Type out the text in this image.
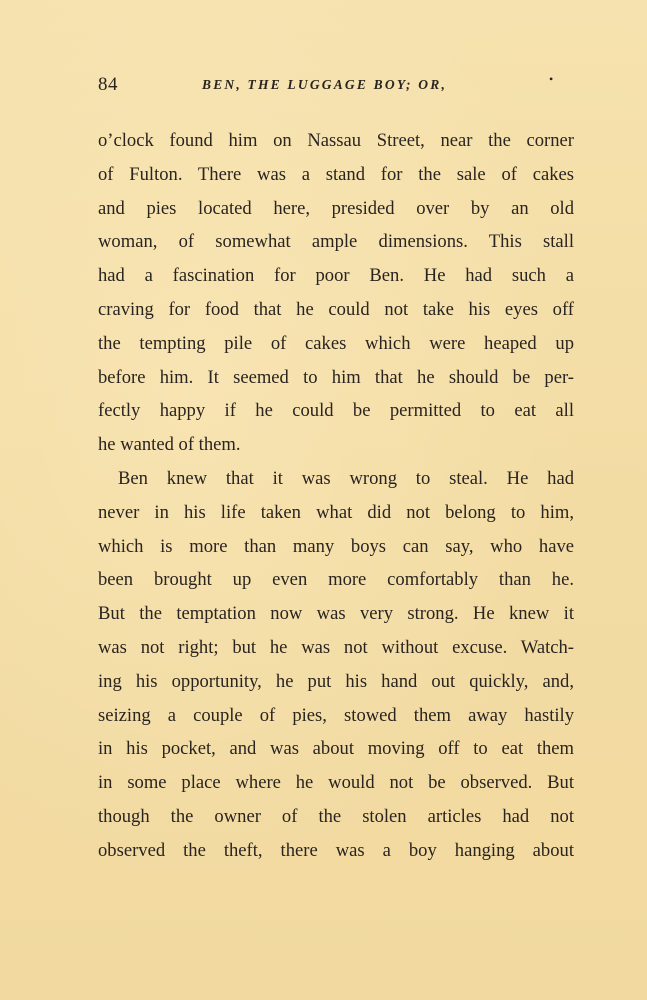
84	BEN, THE LUGGAGE BOY; OR,	•
o’clock found him on Nassau Street, near the corner
of Fulton. There was a stand for the sale of cakes
and pies located here, presided over by an old
woman, of somewhat ample dimensions. This stall
had a fascination for poor Ben. He had such a
craving for food that he could not take his eyes off
the tempting pile of cakes which were heaped up
before him. It seemed to him that he should be per-
fectly happy if he could be permitted to eat all
he wanted of them.
Ben knew that it was wrong to steal. He had
never in his life taken what did not belong to him,
which is more than many boys can say, who have
been brought up even more comfortably than he.
But the temptation now was very strong. He knew it
was not right; but he was not without excuse. Watch-
ing his opportunity, he put his hand out quickly, and,
seizing a couple of pies, stowed them away hastily
in his pocket, and was about moving off to eat them
in some place where he would not be observed. But
though the owner of the stolen articles had not
observed the theft, there was a boy hanging about
